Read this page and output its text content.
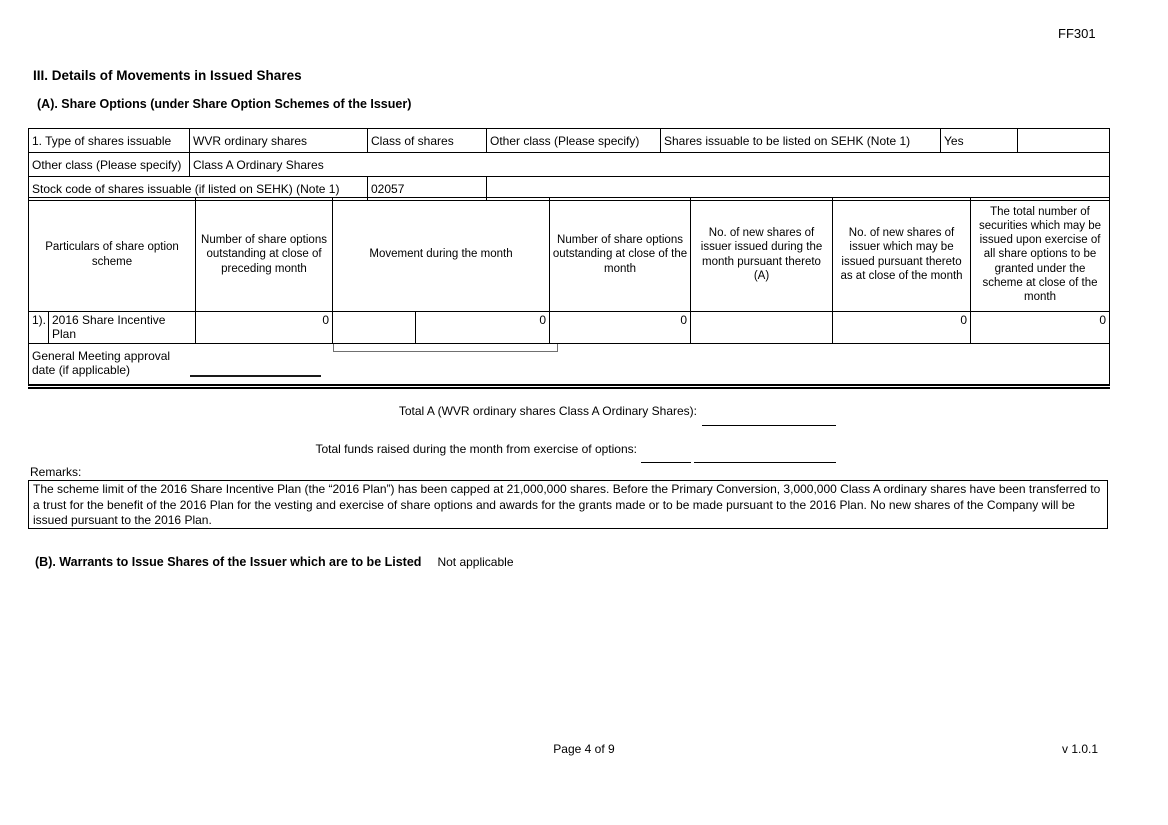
FF301
III. Details of Movements in Issued Shares
(A). Share Options (under Share Option Schemes of the Issuer)
1. Type of shares issuable	WVR ordinary shares	Class of shares	Other class (Please specify)	Shares issuable to be listed on SEHK (Note 1)	Yes	
Other class (Please specify)	Class A Ordinary Shares					
Stock code of shares issuable (if listed on SEHK) (Note 1)		02057				
Particulars of share option scheme		Number of share options outstanding at close of preceding month	Movement during the month		Number of share options outstanding at close of the month	No. of new shares of issuer issued during the month pursuant thereto (A)	No. of new shares of issuer which may be issued pursuant thereto as at close of the month	The total number of securities which may be issued upon exercise of all share options to be granted under the scheme at close of the month
1).	2016 Share Incentive Plan	0		0	0		0	0

General Meeting approval date (if applicable)								
Total A (WVR ordinary shares Class A Ordinary Shares):
Total funds raised during the month from exercise of options:
Remarks:
The scheme limit of the 2016 Share Incentive Plan (the “2016 Plan”) has been capped at 21,000,000 shares. Before the Primary Conversion, 3,000,000 Class A ordinary shares have been transferred to a trust for the benefit of the 2016 Plan for the vesting and exercise of share options and awards for the grants made or to be made pursuant to the 2016 Plan. No new shares of the Company will be issued pursuant to the 2016 Plan.
(B). Warrants to Issue Shares of the Issuer which are to be Listed Not applicable
Page 4 of 9	v 1.0.1
